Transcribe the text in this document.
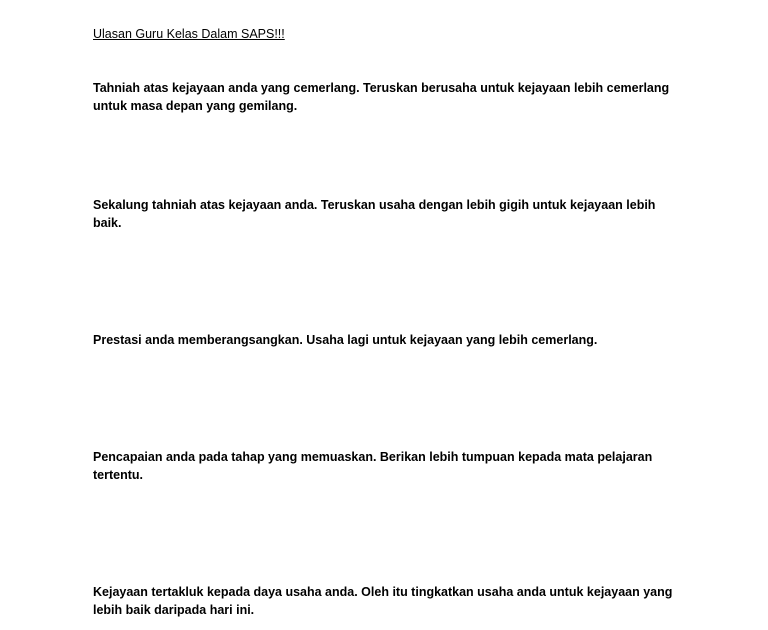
Ulasan Guru Kelas Dalam SAPS!!!
Tahniah atas kejayaan anda yang cemerlang. Teruskan berusaha untuk kejayaan lebih cemerlang untuk masa depan yang gemilang.
Sekalung tahniah atas kejayaan anda. Teruskan usaha dengan lebih gigih untuk kejayaan lebih baik.
Prestasi anda memberangsangkan. Usaha lagi untuk kejayaan yang lebih cemerlang.
Pencapaian anda pada tahap yang memuaskan. Berikan lebih tumpuan kepada mata pelajaran tertentu.
Kejayaan tertakluk kepada daya usaha anda. Oleh itu tingkatkan usaha anda untuk kejayaan yang lebih baik daripada hari ini.
